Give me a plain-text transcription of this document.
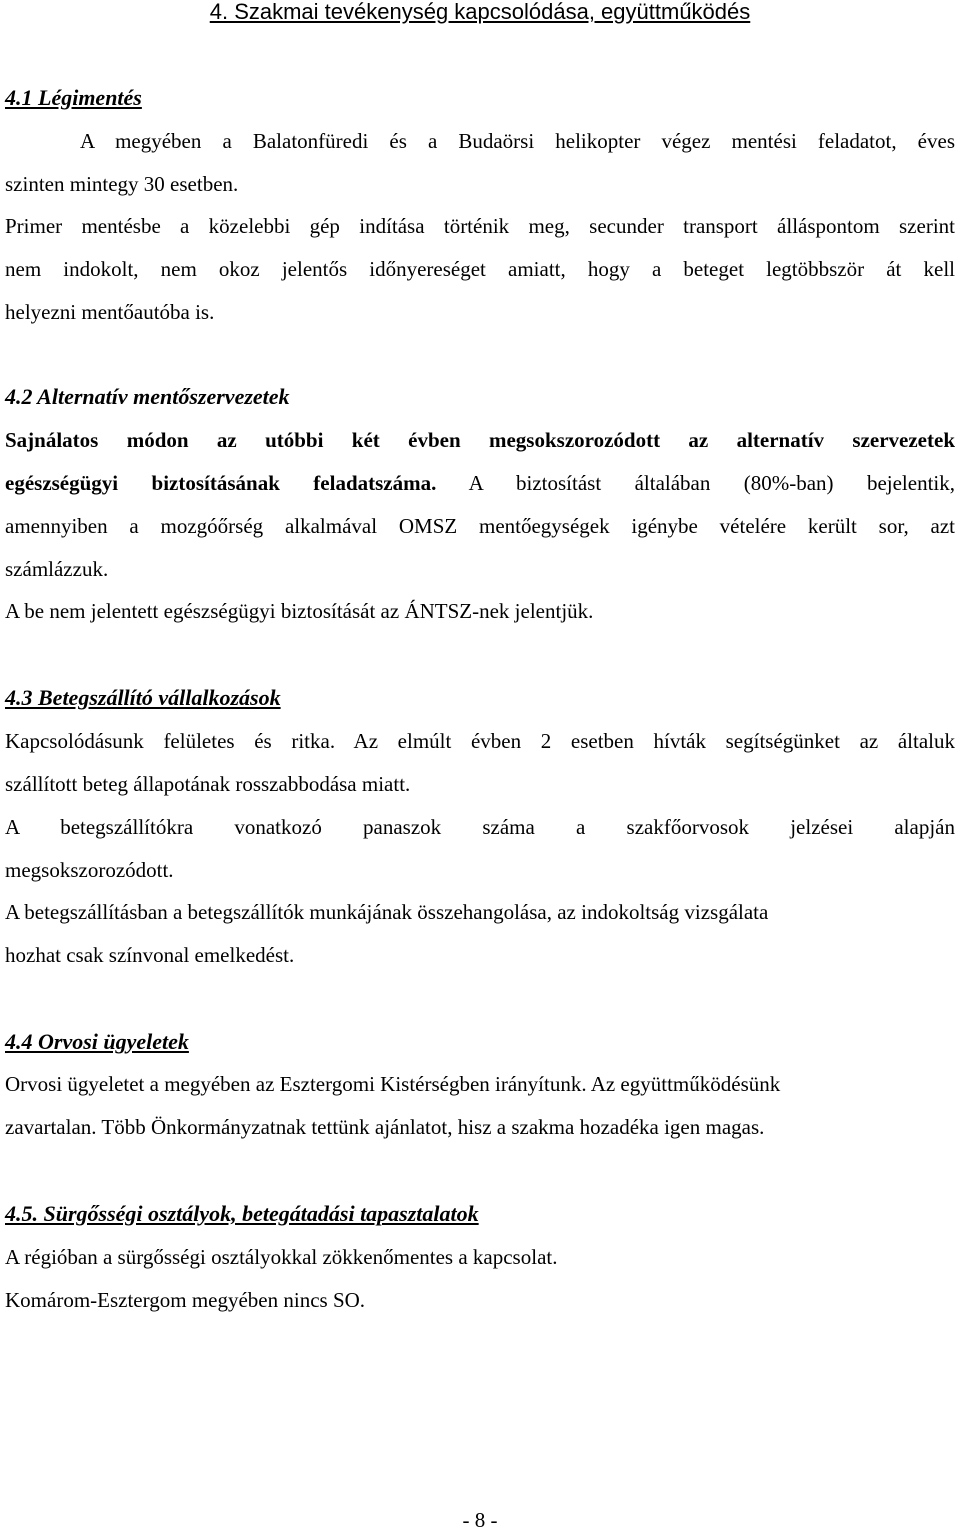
4. Szakmai tevékenység kapcsolódása, együttműködés
4.1 Légimentés
A megyében a Balatonfüredi és a Budaörsi helikopter végez mentési feladatot, éves
szinten mintegy 30 esetben.
Primer mentésbe a közelebbi gép indítása történik meg, secunder transport álláspontom szerint
nem indokolt, nem okoz jelentős időnyereséget amiatt, hogy a beteget legtöbbször át kell
helyezni mentőautóba is.
4.2 Alternatív mentőszervezetek
Sajnálatos módon az utóbbi két évben megsokszorozódott az alternatív szervezetek
egészségügyi biztosításának feladatszáma. A biztosítást általában (80%-ban) bejelentik,
amennyiben a mozgóőrség alkalmával OMSZ mentőegységek igénybe vételére került sor, azt
számlázzuk.
A be nem jelentett egészségügyi biztosítását az ÁNTSZ-nek jelentjük.
4.3 Betegszállító vállalkozások
Kapcsolódásunk felületes és ritka. Az elmúlt évben 2 esetben hívták segítségünket az általuk
szállított beteg állapotának rosszabbodása miatt.
A betegszállítókra vonatkozó panaszok száma a szakfőorvosok jelzései alapján
megsokszorozódott.
A betegszállításban a betegszállítók munkájának összehangolása, az indokoltság vizsgálata
hozhat csak színvonal emelkedést.
4.4 Orvosi ügyeletek
Orvosi ügyeletet a megyében az Esztergomi Kistérségben irányítunk. Az együttműködésünk
zavartalan. Több Önkormányzatnak tettünk ajánlatot, hisz a szakma hozadéka igen magas.
4.5. Sürgősségi osztályok, betegátadási tapasztalatok
A régióban a sürgősségi osztályokkal zökkenőmentes a kapcsolat.
Komárom-Esztergom megyében nincs SO.
- 8 -
